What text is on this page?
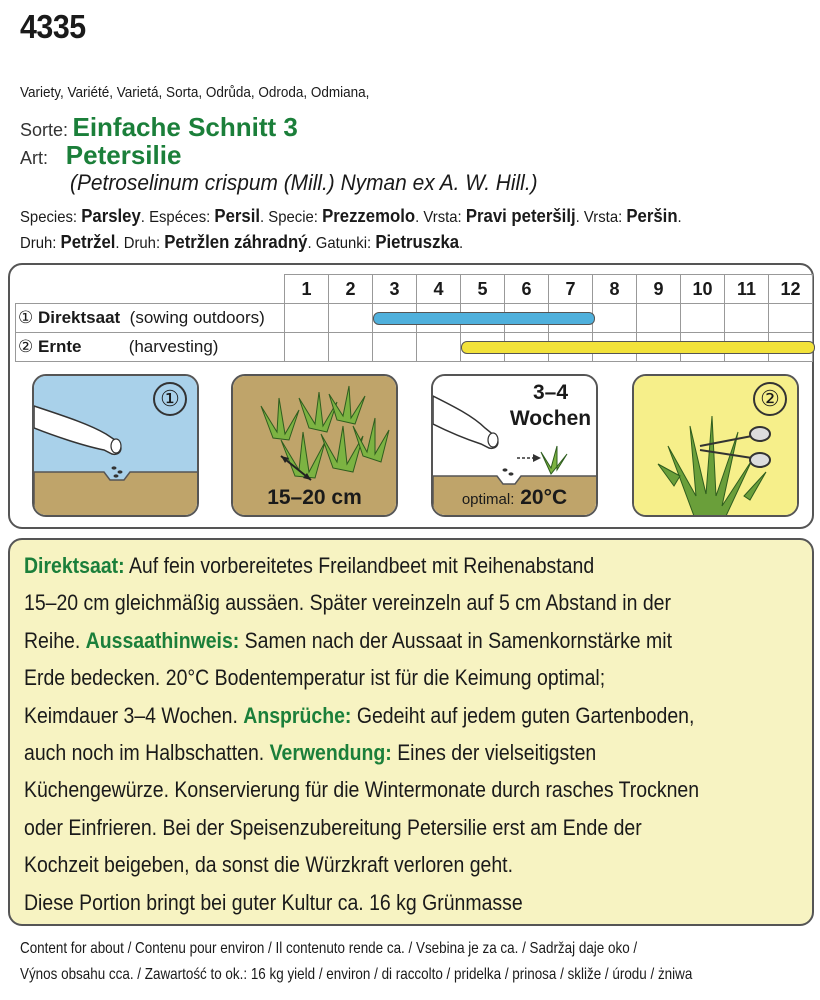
4335
Variety, Variété, Varietá, Sorta, Odrůda, Odroda, Odmiana,
Sorte: Einfache Schnitt 3
Art: Petersilie
(Petroselinum crispum (Mill.) Nyman ex A. W. Hill.)
Species: Parsley. Espéces: Persil. Specie: Prezzemolo. Vrsta: Pravi peteršilj. Vrsta: Peršin.
Druh: Petržel. Druh: Petržlen záhradný. Gatunki: Pietruszka.
	1	2	3	4	5	6	7	8	9	10	11	12
① Direktsaat (sowing outdoors)												
② Ernte (harvesting)												
①
15–20 cm
3–4
Wochen
optimal: 20°C
②
Direktsaat: Auf fein vorbereitetes Freilandbeet mit Reihenabstand
15–20 cm gleichmäßig aussäen. Später vereinzeln auf 5 cm Abstand in der
Reihe. Aussaathinweis: Samen nach der Aussaat in Samenkornstärke mit
Erde bedecken. 20°C Bodentemperatur ist für die Keimung optimal;
Keimdauer 3–4 Wochen. Ansprüche: Gedeiht auf jedem guten Gartenboden,
auch noch im Halbschatten. Verwendung: Eines der vielseitigsten
Küchengewürze. Konservierung für die Wintermonate durch rasches Trocknen
oder Einfrieren. Bei der Speisenzubereitung Petersilie erst am Ende der
Kochzeit beigeben, da sonst die Würzkraft verloren geht.
Diese Portion bringt bei guter Kultur ca. 16 kg Grünmasse
Content for about / Contenu pour environ / Il contenuto rende ca. / Vsebina je za ca. / Sadržaj daje oko /
Výnos obsahu cca. / Zawartość to ok.: 16 kg yield / environ / di raccolto / pridelka / prinosa / skliže / úrodu / żniwa
